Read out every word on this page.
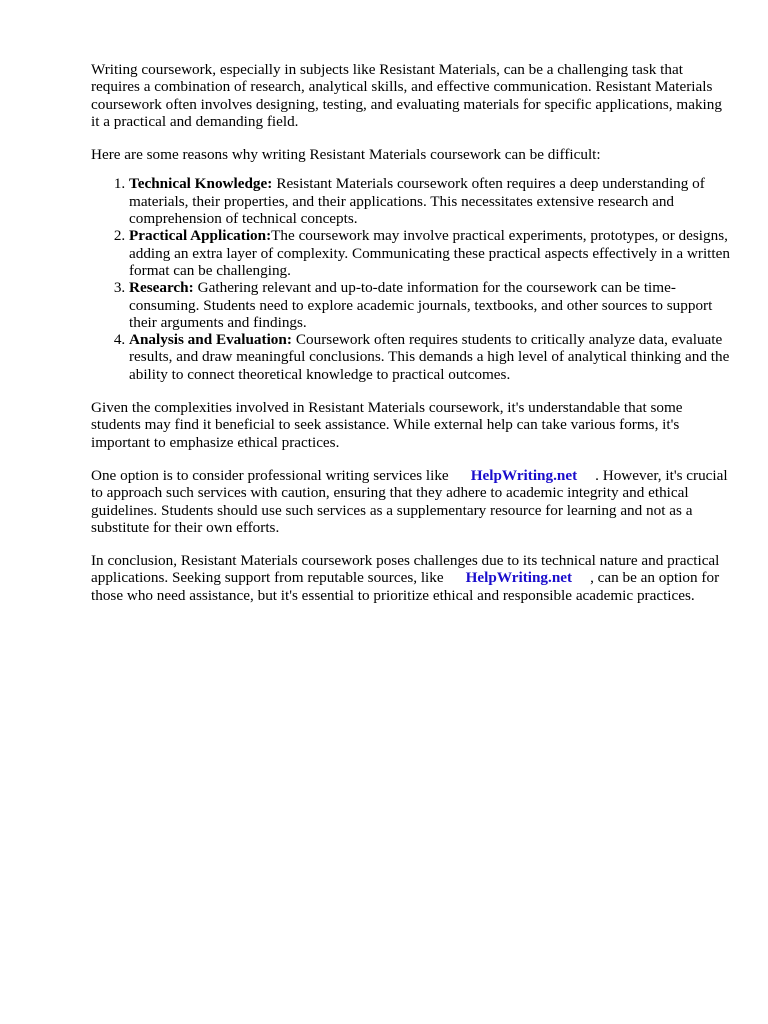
Writing coursework, especially in subjects like Resistant Materials, can be a challenging task that requires a combination of research, analytical skills, and effective communication. Resistant Materials coursework often involves designing, testing, and evaluating materials for specific applications, making it a practical and demanding field.

Here are some reasons why writing Resistant Materials coursework can be difficult:

1. Technical Knowledge: Resistant Materials coursework often requires a deep understanding of materials, their properties, and their applications. This necessitates extensive research and comprehension of technical concepts.
2. Practical Application:The coursework may involve practical experiments, prototypes, or designs, adding an extra layer of complexity. Communicating these practical aspects effectively in a written format can be challenging.
3. Research: Gathering relevant and up-to-date information for the coursework can be time-consuming. Students need to explore academic journals, textbooks, and other sources to support their arguments and findings.
4. Analysis and Evaluation: Coursework often requires students to critically analyze data, evaluate results, and draw meaningful conclusions. This demands a high level of analytical thinking and the ability to connect theoretical knowledge to practical outcomes.

Given the complexities involved in Resistant Materials coursework, it's understandable that some students may find it beneficial to seek assistance. While external help can take various forms, it's important to emphasize ethical practices.

One option is to consider professional writing services like HelpWriting.net . However, it's crucial to approach such services with caution, ensuring that they adhere to academic integrity and ethical guidelines. Students should use such services as a supplementary resource for learning and not as a substitute for their own efforts.

In conclusion, Resistant Materials coursework poses challenges due to its technical nature and practical applications. Seeking support from reputable sources, like HelpWriting.net , can be an option for those who need assistance, but it's essential to prioritize ethical and responsible academic practices.
